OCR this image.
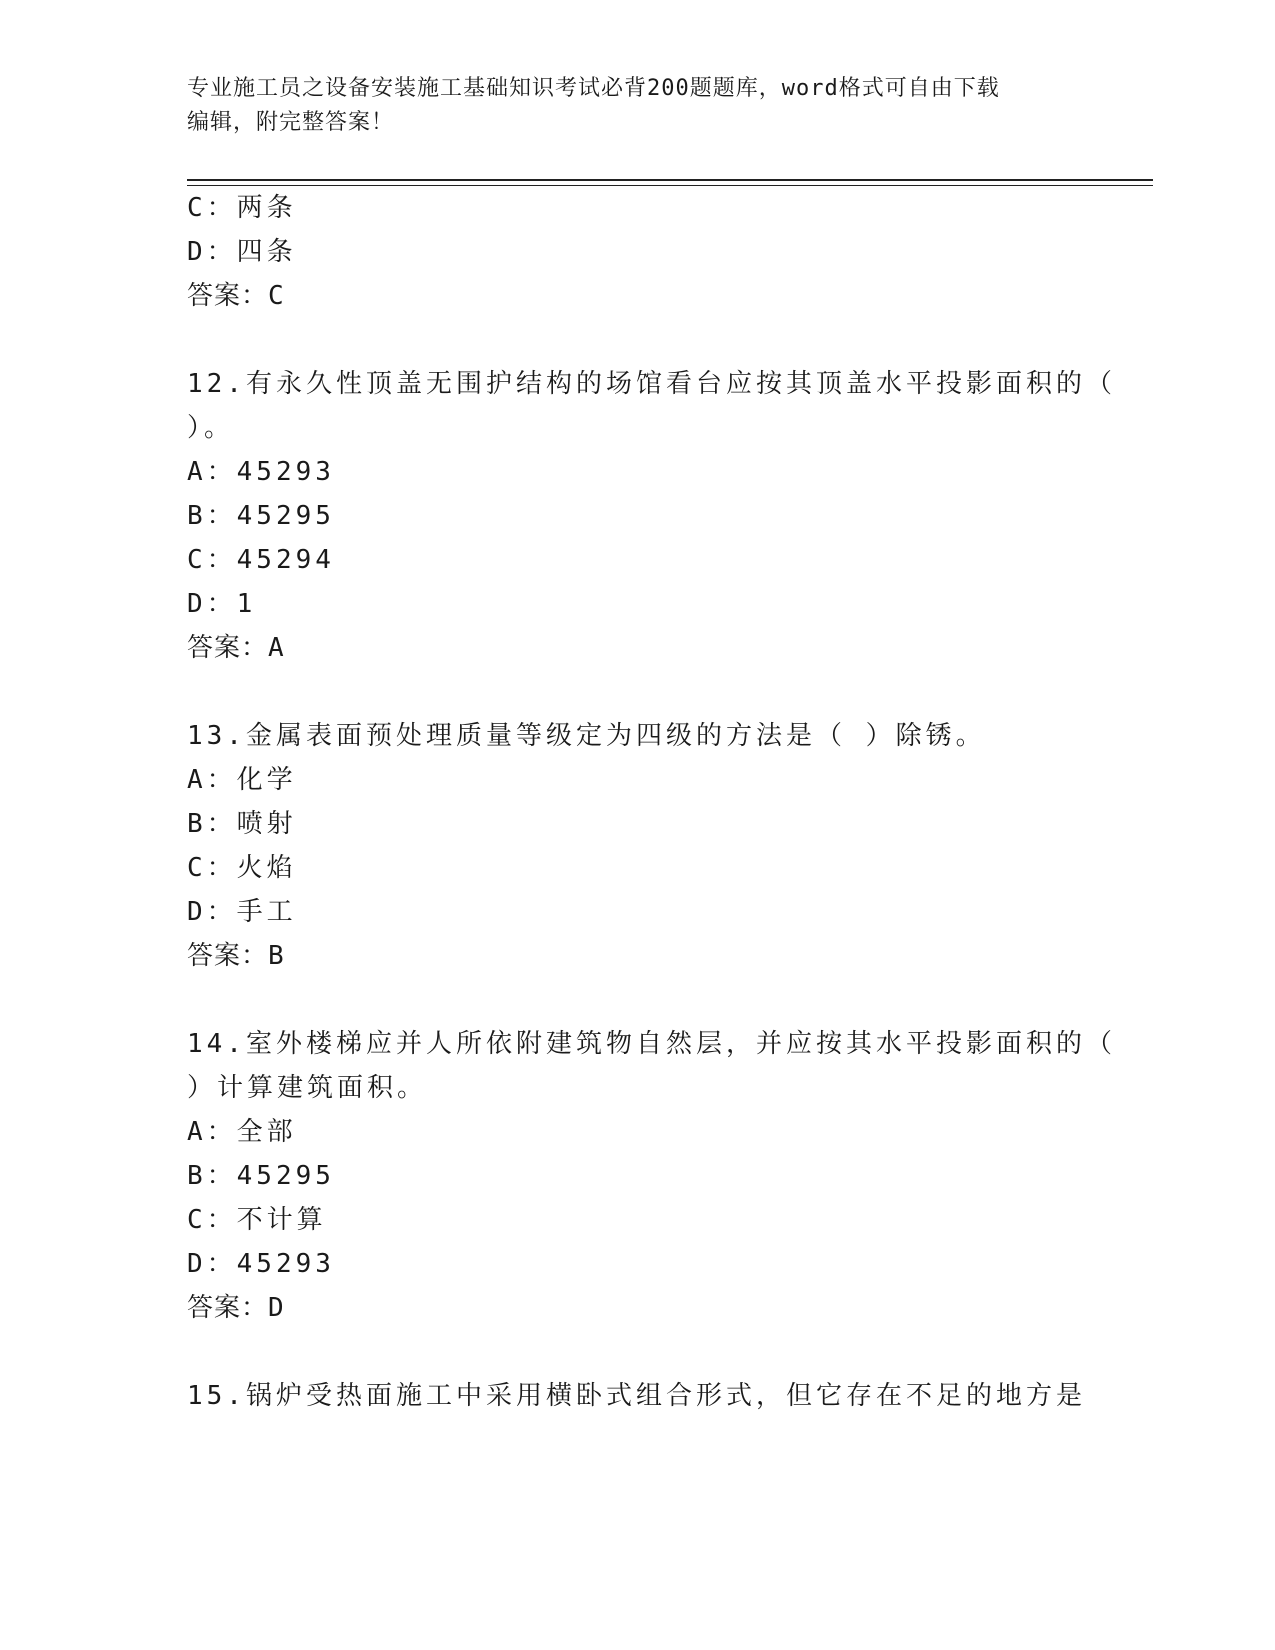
专业施工员之设备安装施工基础知识考试必背200题题库，word格式可自由下载
编辑，附完整答案！
C：两条
D：四条
答案：C
12.有永久性顶盖无围护结构的场馆看台应按其顶盖水平投影面积的（
）。
A：45293
B：45295
C：45294
D：1
答案：A
13.金属表面预处理质量等级定为四级的方法是（ ）除锈。
A：化学
B：喷射
C：火焰
D：手工
答案：B
14.室外楼梯应并人所依附建筑物自然层，并应按其水平投影面积的（
）计算建筑面积。
A：全部
B：45295
C：不计算
D：45293
答案：D
15.锅炉受热面施工中采用横卧式组合形式，但它存在不足的地方是
